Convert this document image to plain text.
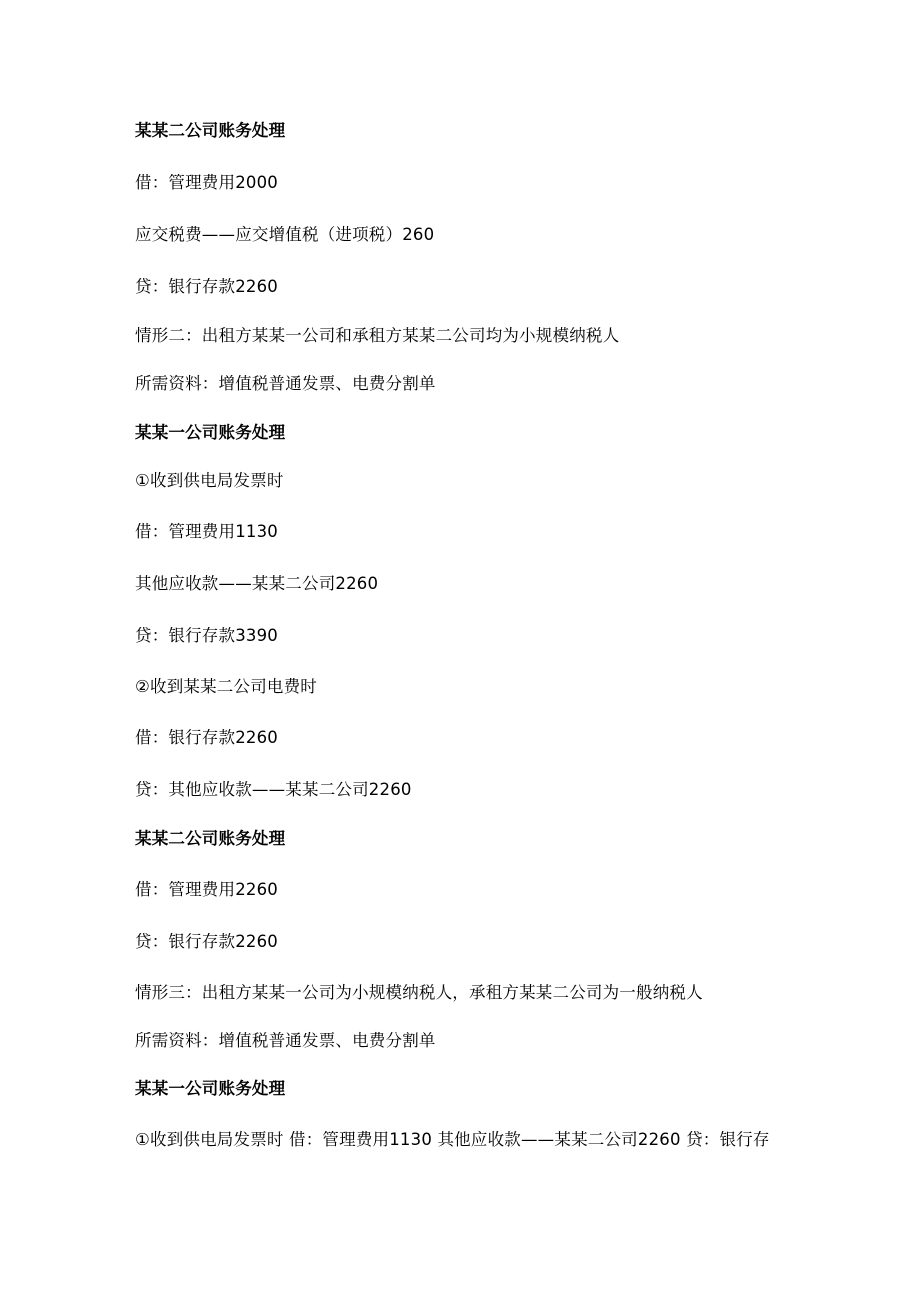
某某二公司账务处理
借：管理费用2000
应交税费——应交增值税（进项税）260
贷：银行存款2260
情形二：出租方某某一公司和承租方某某二公司均为小规模纳税人
所需资料：增值税普通发票、电费分割单
某某一公司账务处理
①收到供电局发票时
借：管理费用1130
其他应收款——某某二公司2260
贷：银行存款3390
②收到某某二公司电费时
借：银行存款2260
贷：其他应收款——某某二公司2260
某某二公司账务处理
借：管理费用2260
贷：银行存款2260
情形三：出租方某某一公司为小规模纳税人，承租方某某二公司为一般纳税人
所需资料：增值税普通发票、电费分割单
某某一公司账务处理
①收到供电局发票时 借：管理费用1130 其他应收款——某某二公司2260 贷：银行存
